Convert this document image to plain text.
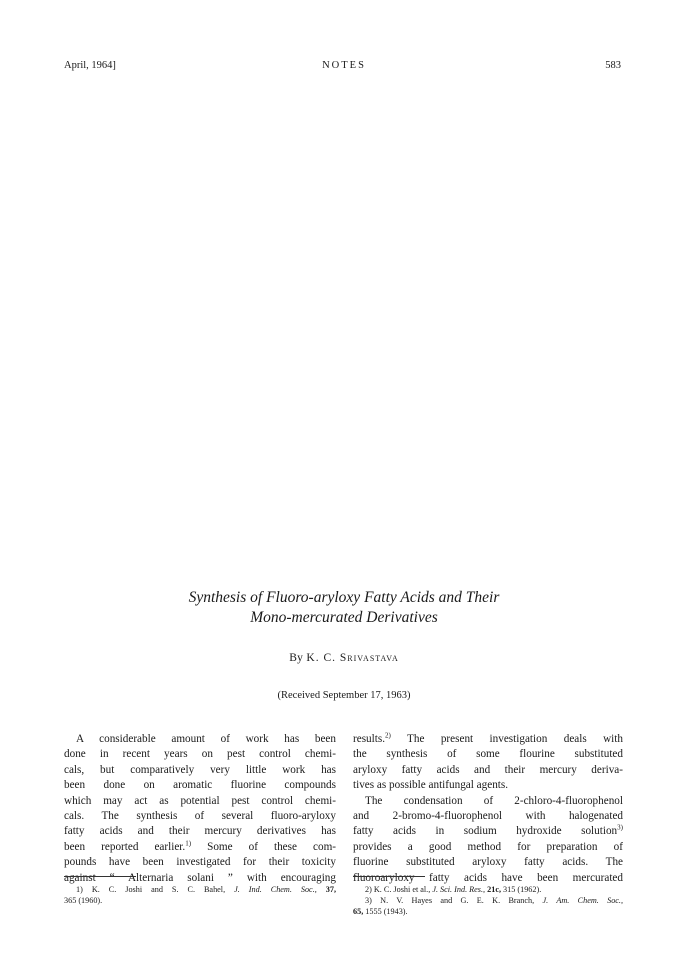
April, 1964]	NOTES	583
Synthesis of Fluoro-aryloxy Fatty Acids and Their
Mono-mercurated Derivatives
By K. C. Srivastava
(Received September 17, 1963)
A considerable amount of work has been
done in recent years on pest control chemi-
cals, but comparatively very little work has
been done on aromatic fluorine compounds
which may act as potential pest control chemi-
cals. The synthesis of several fluoro-aryloxy
fatty acids and their mercury derivatives has
been reported earlier.$^{1)}$ Some of these com-
pounds have been investigated for their toxicity
against “ Alternaria solani ” with encouraging
results.$^{2)}$ The present investigation deals with
the synthesis of some flourine substituted
aryloxy fatty acids and their mercury deriva-
tives as possible antifungal agents.
The condensation of 2-chloro-4-fluorophenol
and 2-bromo-4-fluorophenol with halogenated
fatty acids in sodium hydroxide solution$^{3)}$
provides a good method for preparation of
fluorine substituted aryloxy fatty acids. The
fluoroaryloxy fatty acids have been mercurated
1) K. C. Joshi and S. C. Bahel, J. Ind. Chem. Soc., 37,
365 (1960).
2) K. C. Joshi et al., J. Sci. Ind. Res., 21c, 315 (1962).
3) N. V. Hayes and G. E. K. Branch, J. Am. Chem. Soc.,
65, 1555 (1943).
